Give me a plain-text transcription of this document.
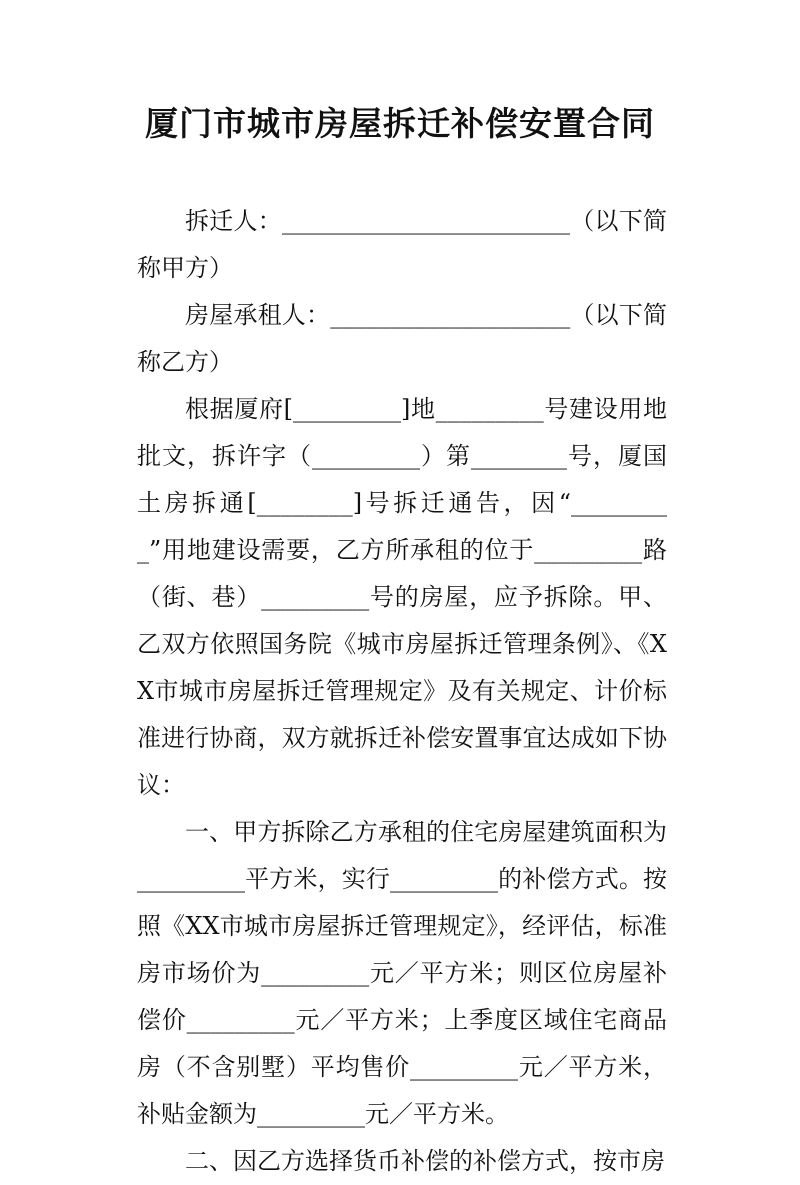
厦门市城市房屋拆迁补偿安置合同

拆迁人：________________________（以下简称甲方）

房屋承租人：____________________（以下简称乙方）

根据厦府[_________]地_________号建设用地批文，拆许字（_________）第________号，厦国土房拆通[________]号拆迁通告，因“_________”用地建设需要，乙方所承租的位于_________路（街、巷）_________号的房屋，应予拆除。甲、乙双方依照国务院《城市房屋拆迁管理条例》、《XX市城市房屋拆迁管理规定》及有关规定、计价标准进行协商，双方就拆迁补偿安置事宜达成如下协议：

一、甲方拆除乙方承租的住宅房屋建筑面积为_________平方米，实行_________的补偿方式。按照《XX市城市房屋拆迁管理规定》，经评估，标准房市场价为_________元／平方米；则区位房屋补偿价_________元／平方米；上季度区域住宅商品房（不含别墅）平均售价_________元／平方米，补贴金额为_________元／平方米。

二、因乙方选择货币补偿的补偿方式，按市房
